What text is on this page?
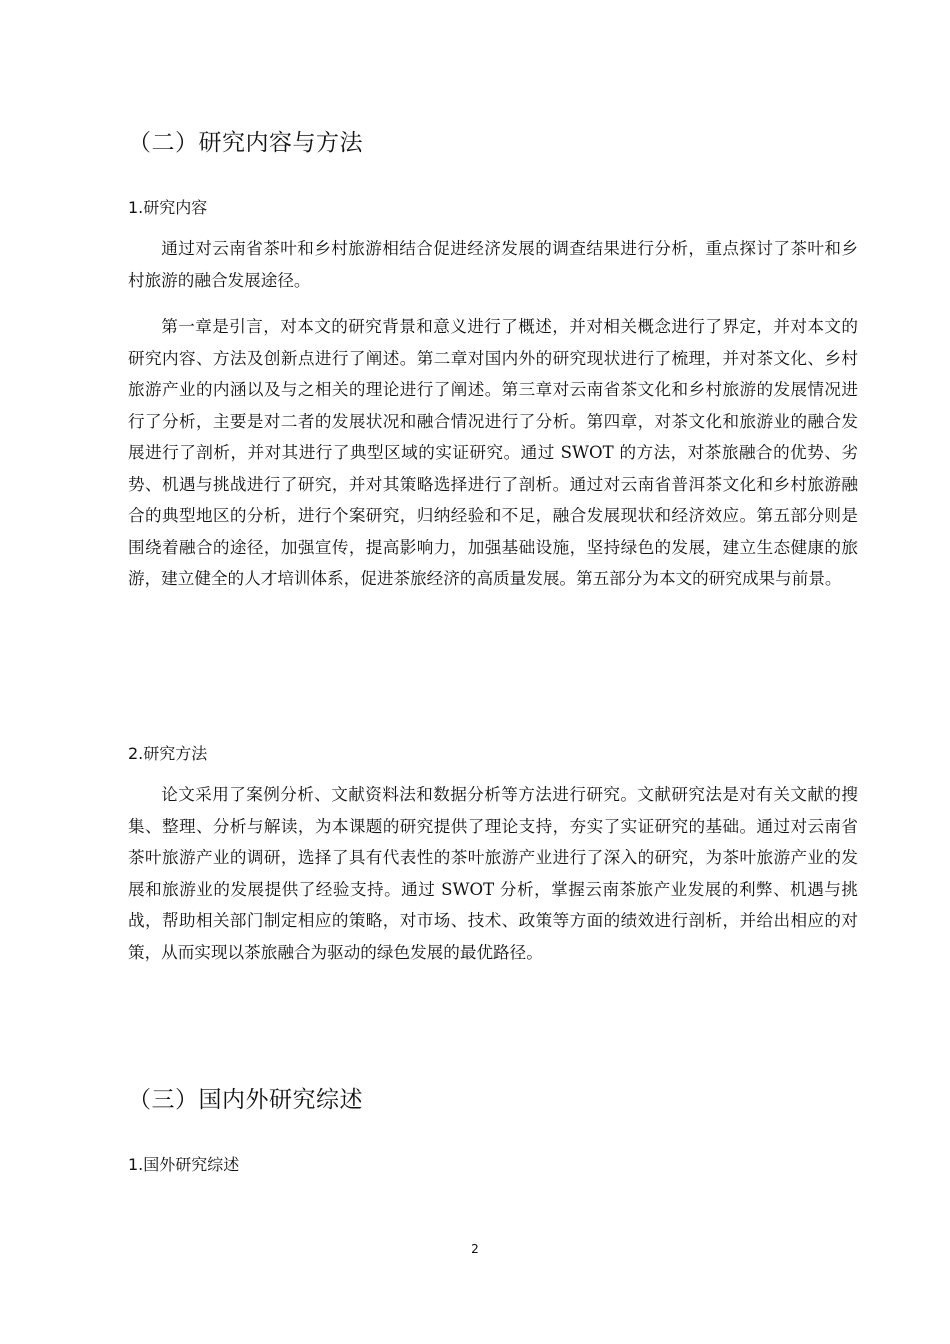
（二）研究内容与方法
1.研究内容

通过对云南省茶叶和乡村旅游相结合促进经济发展的调查结果进行分析，重点探讨了茶叶和乡村旅游的融合发展途径。

第一章是引言，对本文的研究背景和意义进行了概述，并对相关概念进行了界定，并对本文的研究内容、方法及创新点进行了阐述。第二章对国内外的研究现状进行了梳理，并对茶文化、乡村旅游产业的内涵以及与之相关的理论进行了阐述。第三章对云南省茶文化和乡村旅游的发展情况进行了分析，主要是对二者的发展状况和融合情况进行了分析。第四章，对茶文化和旅游业的融合发展进行了剖析，并对其进行了典型区域的实证研究。通过 SWOT 的方法，对茶旅融合的优势、劣势、机遇与挑战进行了研究，并对其策略选择进行了剖析。通过对云南省普洱茶文化和乡村旅游融合的典型地区的分析，进行个案研究，归纳经验和不足，融合发展现状和经济效应。第五部分则是围绕着融合的途径，加强宣传，提高影响力，加强基础设施，坚持绿色的发展，建立生态健康的旅游，建立健全的人才培训体系，促进茶旅经济的高质量发展。第五部分为本文的研究成果与前景。

2.研究方法

论文采用了案例分析、文献资料法和数据分析等方法进行研究。文献研究法是对有关文献的搜集、整理、分析与解读，为本课题的研究提供了理论支持，夯实了实证研究的基础。通过对云南省茶叶旅游产业的调研，选择了具有代表性的茶叶旅游产业进行了深入的研究，为茶叶旅游产业的发展和旅游业的发展提供了经验支持。通过 SWOT 分析，掌握云南茶旅产业发展的利弊、机遇与挑战，帮助相关部门制定相应的策略，对市场、技术、政策等方面的绩效进行剖析，并给出相应的对策，从而实现以茶旅融合为驱动的绿色发展的最优路径。

（三）国内外研究综述
1.国外研究综述
2
